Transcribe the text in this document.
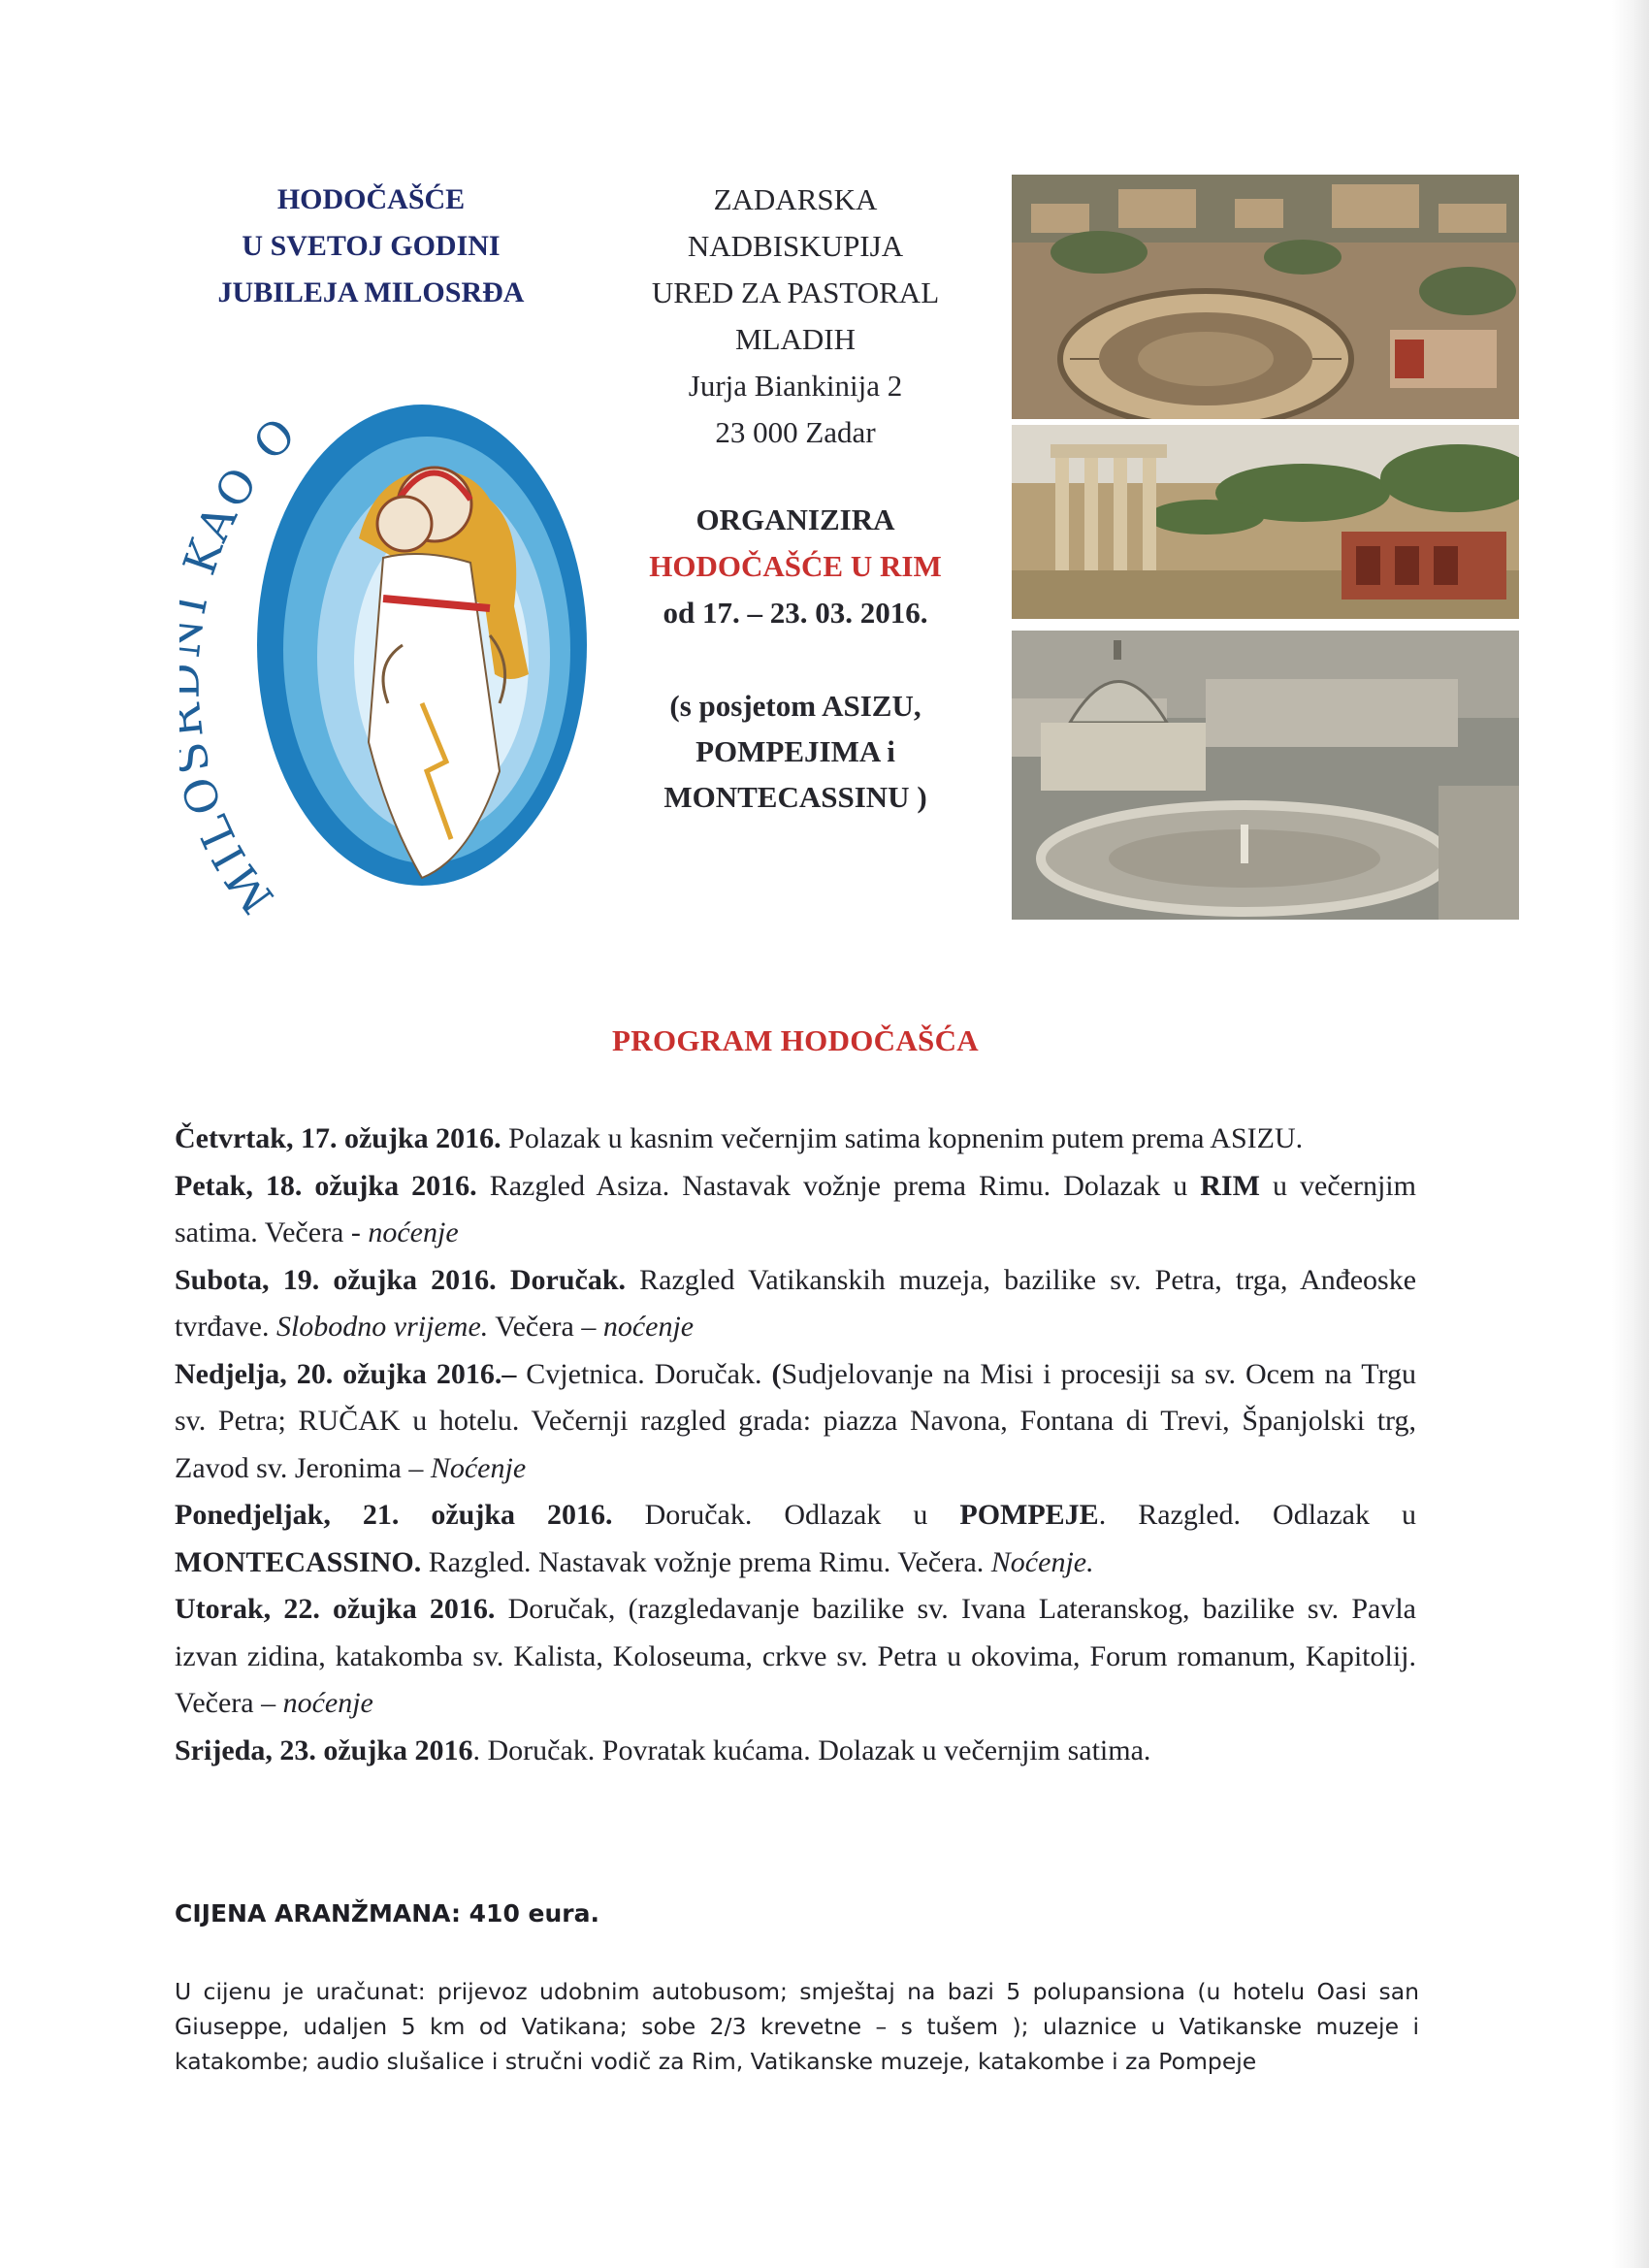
HODOČAŠĆE
U SVETOJ GODINI
JUBILEJA MILOSRĐA
MIL AO O
ZADARSKA
NADBISKUPIJA
URED ZA PASTORAL
MLADIH
Jurja Biankinija 2
23 000 Zadar
ORGANIZIRA
HODOČAŠĆE U RIM
od 17. – 23. 03. 2016.
(s posjetom ASIZU,
POMPEJIMA i
MONTECASSINU )
PROGRAM HODOČAŠĆA

Četvrtak, 17. ožujka 2016. Polazak u kasnim večernjim satima kopnenim putem prema ASIZU.

Petak, 18. ožujka 2016. Razgled Asiza. Nastavak vožnje prema Rimu. Dolazak u RIM u večernjim satima. Večera - noćenje

Subota, 19. ožujka 2016. Doručak. Razgled Vatikanskih muzeja, bazilike sv. Petra, trga, Anđeoske tvrđave. Slobodno vrijeme. Večera – noćenje

Nedjelja, 20. ožujka 2016.– Cvjetnica. Doručak. (Sudjelovanje na Misi i procesiji sa sv. Ocem na Trgu sv. Petra; RUČAK u hotelu. Večernji razgled grada: piazza Navona, Fontana di Trevi, Španjolski trg, Zavod sv. Jeronima – Noćenje

Ponedjeljak, 21. ožujka 2016. Doručak. Odlazak u POMPEJE. Razgled. Odlazak u MONTECASSINO. Razgled. Nastavak vožnje prema Rimu. Večera. Noćenje.

Utorak, 22. ožujka 2016. Doručak, (razgledavanje bazilike sv. Ivana Lateranskog, bazilike sv. Pavla izvan zidina, katakomba sv. Kalista, Koloseuma, crkve sv. Petra u okovima, Forum romanum, Kapitolij. Večera – noćenje

Srijeda, 23. ožujka 2016. Doručak. Povratak kućama. Dolazak u večernjim satima.

CIJENA ARANŽMANA: 410 eura.
U cijenu je uračunat: prijevoz udobnim autobusom; smještaj na bazi 5 polupansiona (u hotelu Oasi san Giuseppe, udaljen 5 km od Vatikana; sobe 2/3 krevetne – s tušem ); ulaznice u Vatikanske muzeje i katakombe; audio slušalice i stručni vodič za Rim, Vatikanske muzeje, katakombe i za Pompeje
